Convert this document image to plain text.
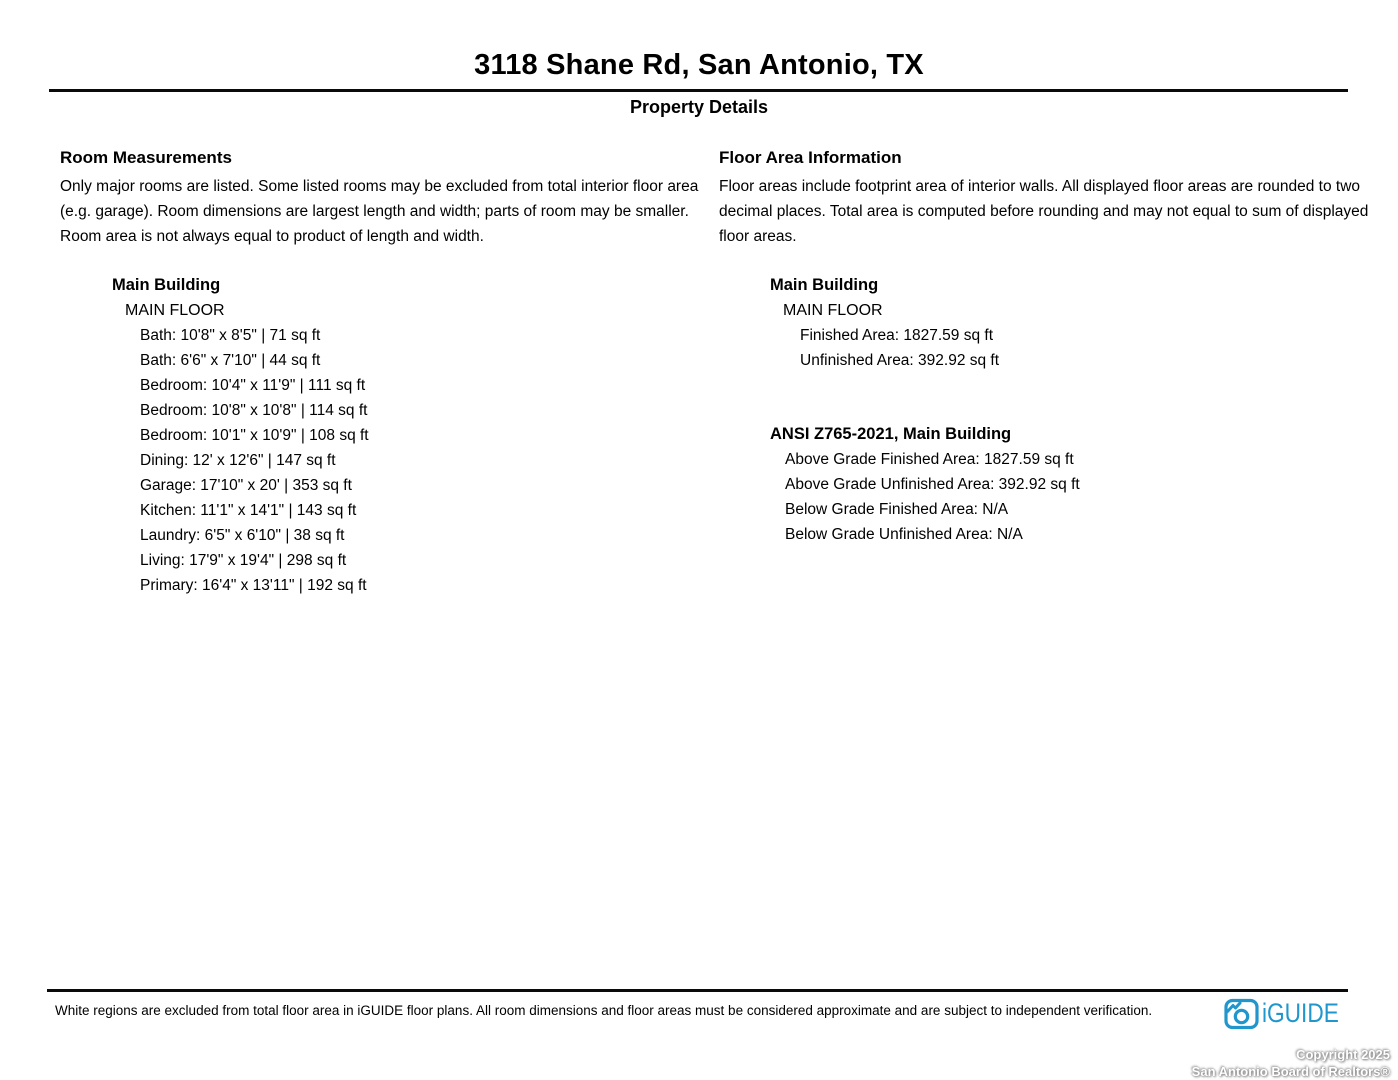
3118 Shane Rd, San Antonio, TX
Property Details
Room Measurements
Only major rooms are listed. Some listed rooms may be excluded from total interior floor area
(e.g. garage). Room dimensions are largest length and width; parts of room may be smaller.
Room area is not always equal to product of length and width.
Main Building
MAIN FLOOR
Bath: 10'8" x 8'5" | 71 sq ft
Bath: 6'6" x 7'10" | 44 sq ft
Bedroom: 10'4" x 11'9" | 111 sq ft
Bedroom: 10'8" x 10'8" | 114 sq ft
Bedroom: 10'1" x 10'9" | 108 sq ft
Dining: 12' x 12'6" | 147 sq ft
Garage: 17'10" x 20' | 353 sq ft
Kitchen: 11'1" x 14'1" | 143 sq ft
Laundry: 6'5" x 6'10" | 38 sq ft
Living: 17'9" x 19'4" | 298 sq ft
Primary: 16'4" x 13'11" | 192 sq ft
Floor Area Information
Floor areas include footprint area of interior walls. All displayed floor areas are rounded to two
decimal places. Total area is computed before rounding and may not equal to sum of displayed
floor areas.
Main Building
MAIN FLOOR
Finished Area: 1827.59 sq ft
Unfinished Area: 392.92 sq ft
ANSI Z765-2021, Main Building
Above Grade Finished Area: 1827.59 sq ft
Above Grade Unfinished Area: 392.92 sq ft
Below Grade Finished Area: N/A
Below Grade Unfinished Area: N/A
White regions are excluded from total floor area in iGUIDE floor plans. All room dimensions and floor areas must be considered approximate and are subject to independent verification.	iGUIDE
Copyright 2025
San Antonio Board of Realtors®
